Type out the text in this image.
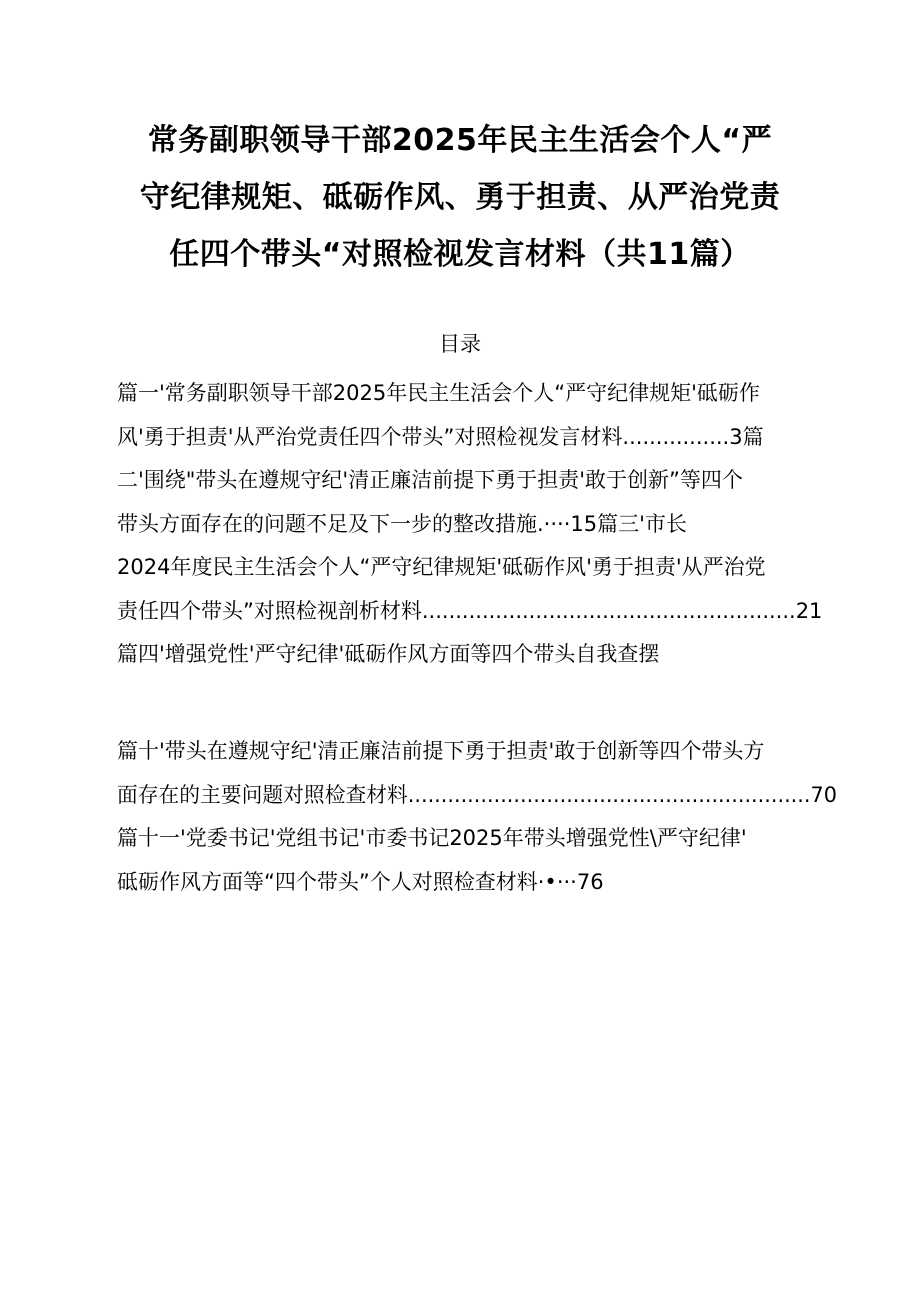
常务副职领导干部2025年民主生活会个人“严
守纪律规矩、砥砺作风、勇于担责、从严治党责
任四个带头“对照检视发言材料（共11篇）
目录
篇一'常务副职领导干部2025年民主生活会个人“严守纪律规矩'砥砺作
风'勇于担责'从严治党责任四个带头”对照检视发言材料................3篇
二'围绕"带头在遵规守纪'清正廉洁前提下勇于担责'敢于创新”等四个
带头方面存在的问题不足及下一步的整改措施.····15篇三'市长
2024年度民主生活会个人“严守纪律规矩'砥砺作风'勇于担责'从严治党
责任四个带头”对照检视剖析材料........................................................21
篇四'增强党性'严守纪律'砥砺作风方面等四个带头自我查摆
篇十'带头在遵规守纪'清正廉洁前提下勇于担责'敢于创新等四个带头方
面存在的主要问题对照检查材料.............................................................70
篇十一'党委书记'党组书记'市委书记2025年带头增强党性\严守纪律'
砥砺作风方面等“四个带头”个人对照检查材料·•···76
